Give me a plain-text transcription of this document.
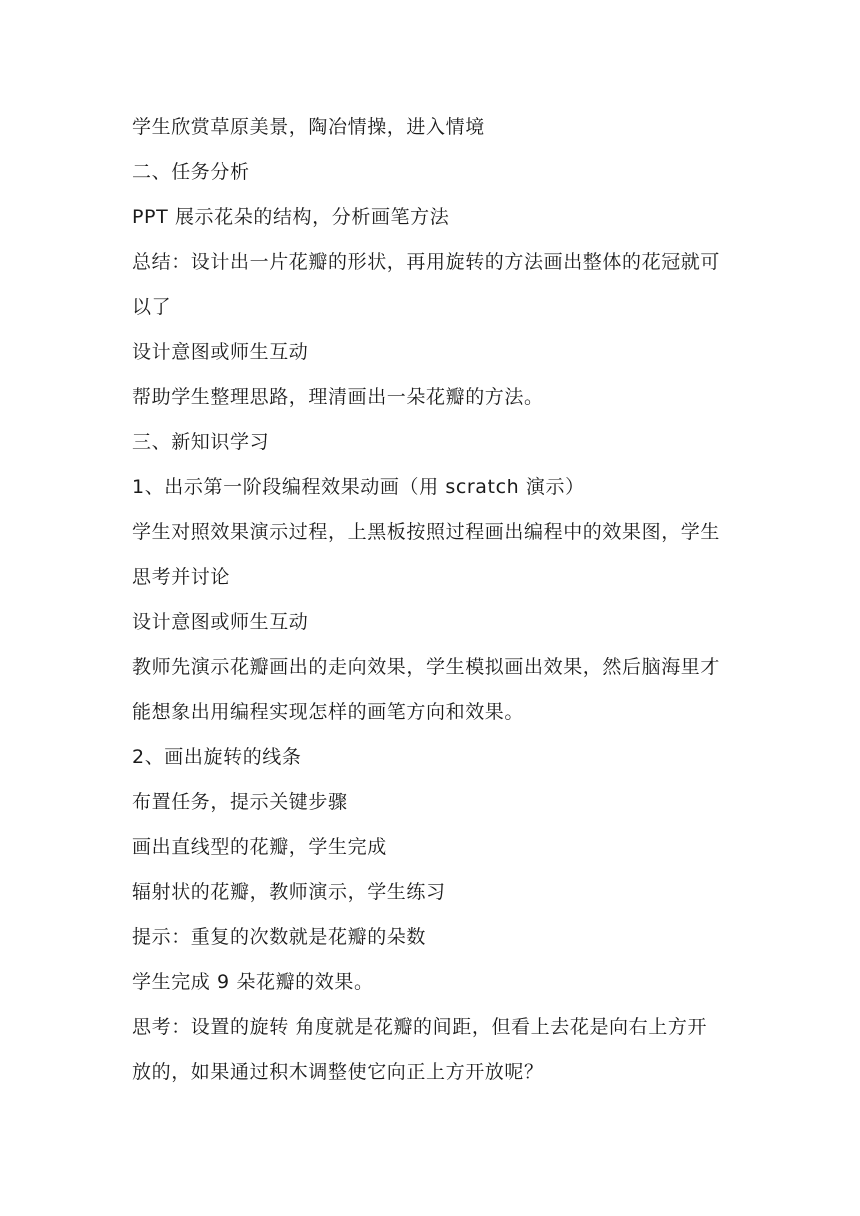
学生欣赏草原美景，陶冶情操，进入情境
二、任务分析
PPT 展示花朵的结构，分析画笔方法
总结：设计出一片花瓣的形状，再用旋转的方法画出整体的花冠就可
以了
设计意图或师生互动
帮助学生整理思路，理清画出一朵花瓣的方法。
三、新知识学习
1、出示第一阶段编程效果动画（用 scratch 演示）
学生对照效果演示过程，上黑板按照过程画出编程中的效果图，学生
思考并讨论
设计意图或师生互动
教师先演示花瓣画出的走向效果，学生模拟画出效果，然后脑海里才
能想象出用编程实现怎样的画笔方向和效果。
2、画出旋转的线条
布置任务，提示关键步骤
画出直线型的花瓣，学生完成
辐射状的花瓣，教师演示，学生练习
提示：重复的次数就是花瓣的朵数
学生完成 9 朵花瓣的效果。
思考：设置的旋转 角度就是花瓣的间距，但看上去花是向右上方开
放的，如果通过积木调整使它向正上方开放呢？
